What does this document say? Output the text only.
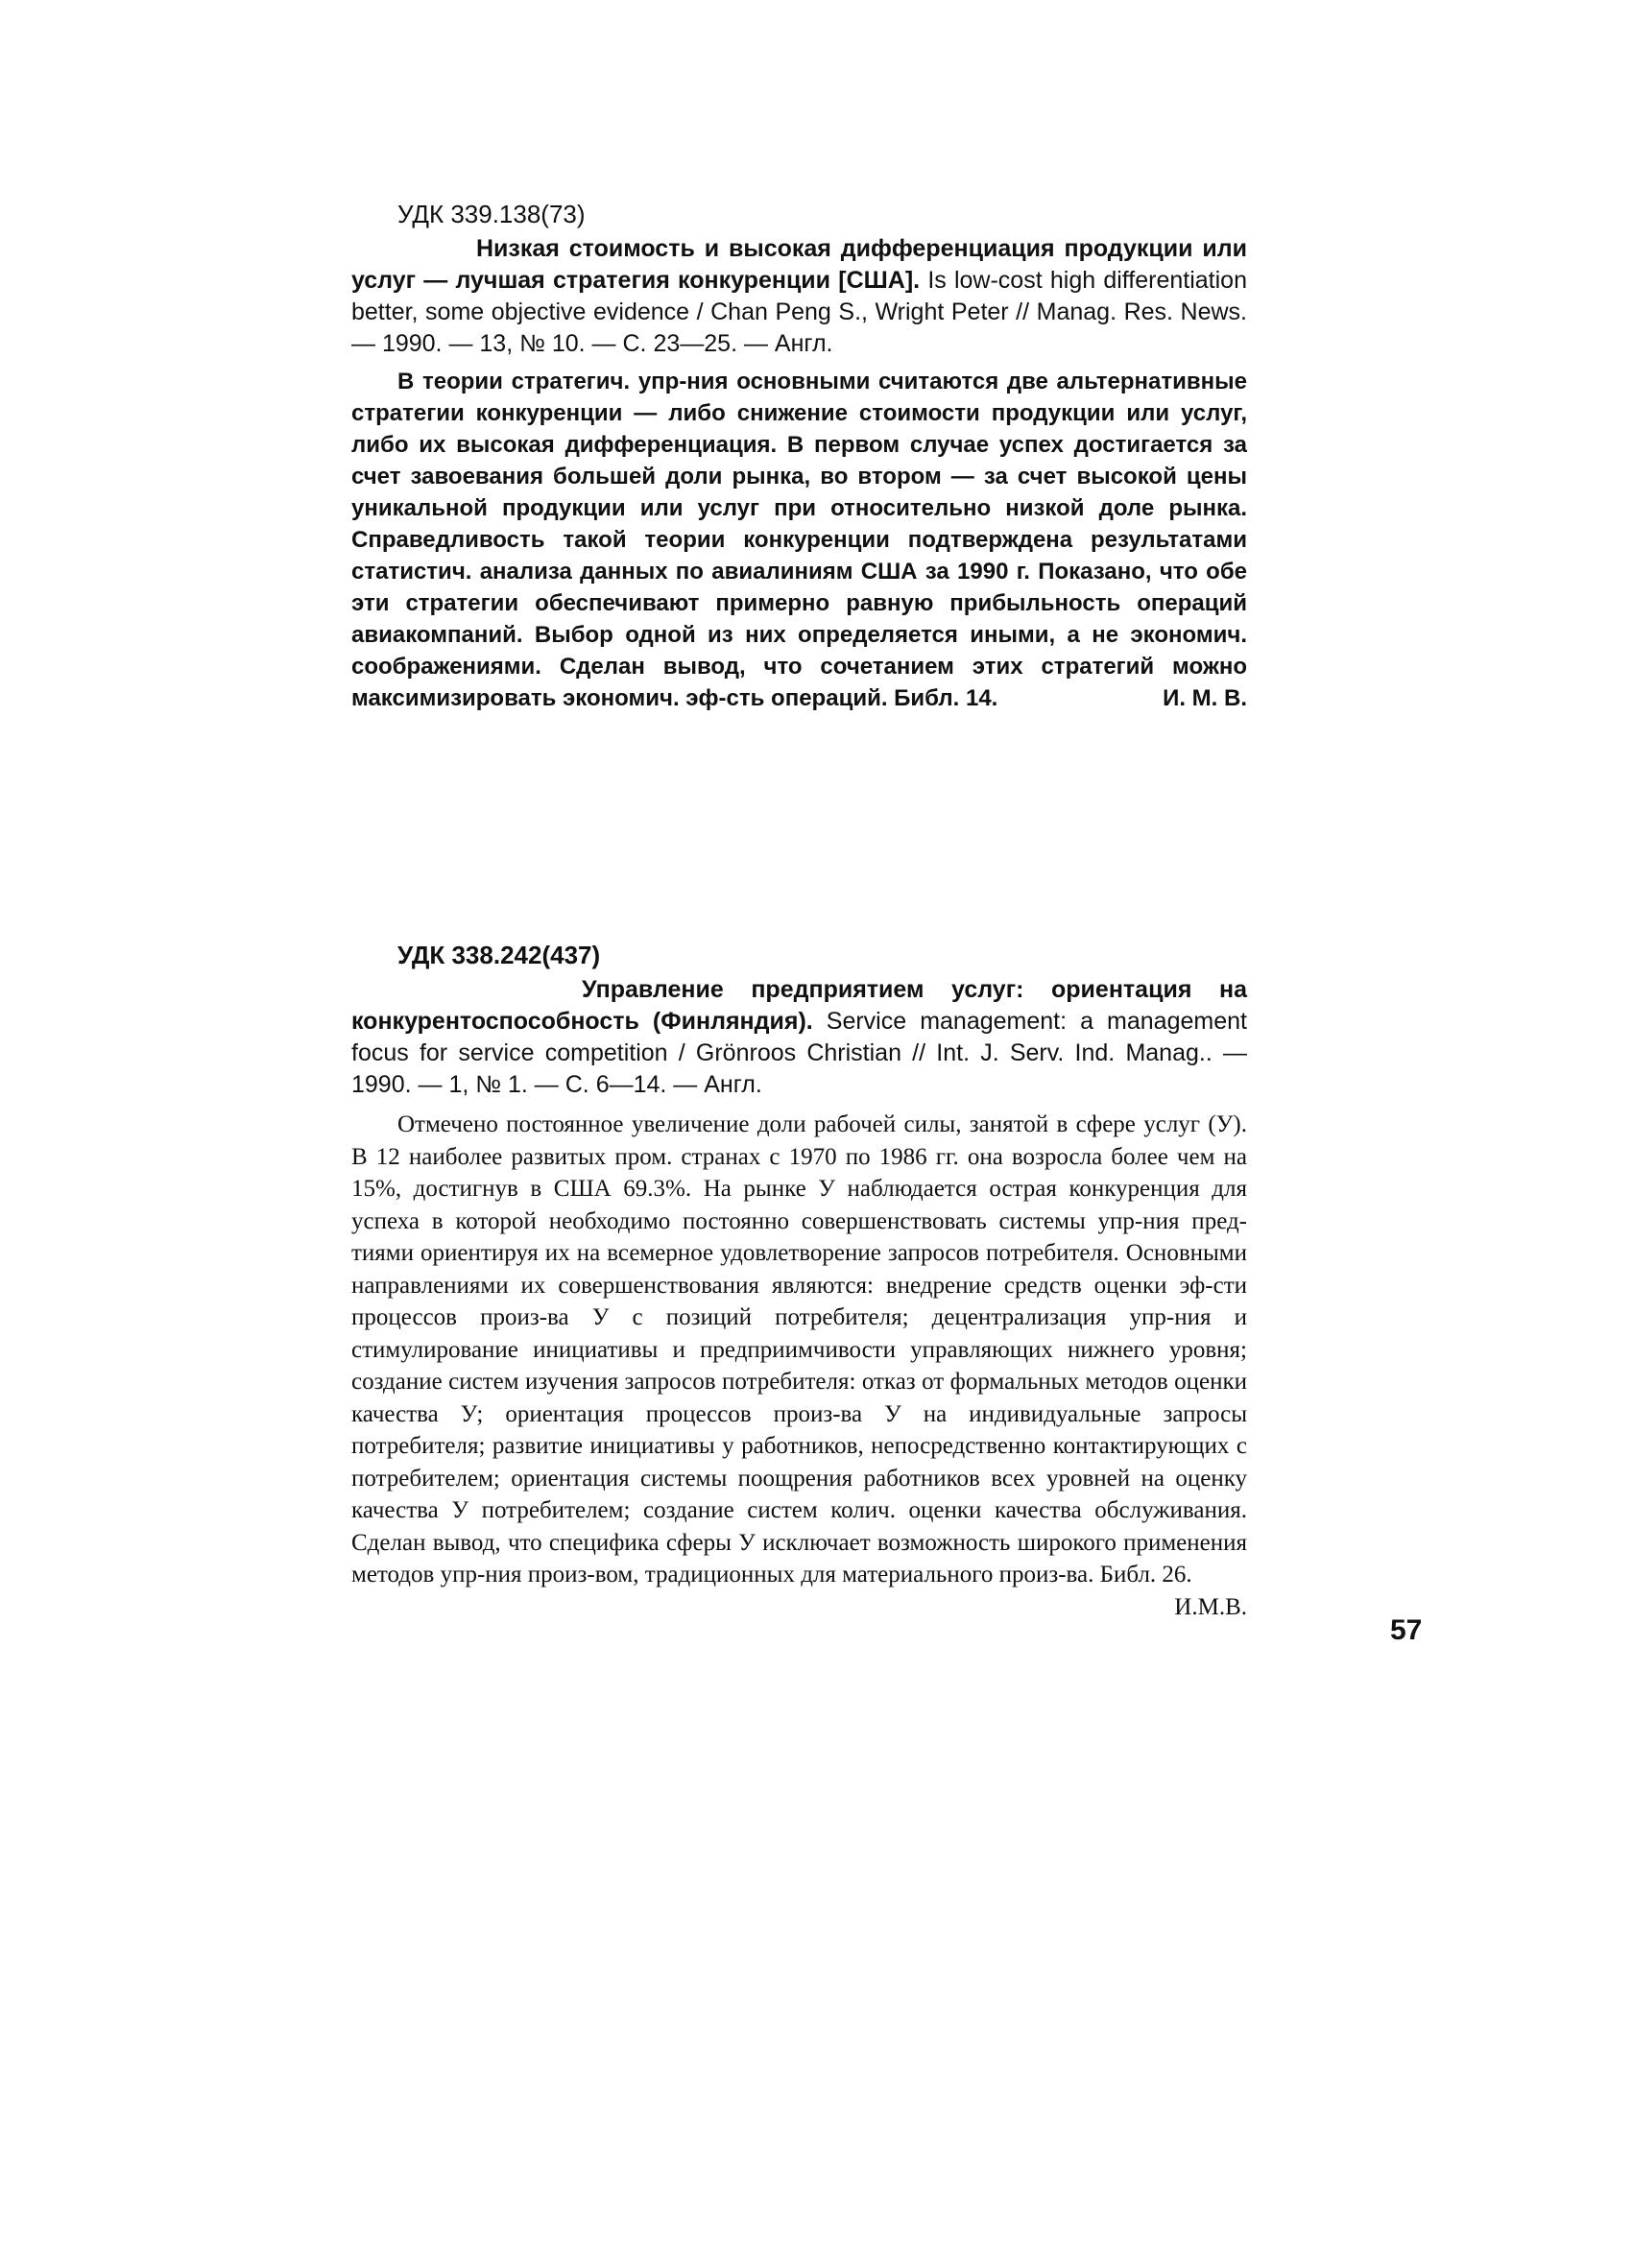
УДК 339.138(73)

Низкая стоимость и высокая дифференциация продукции или услуг — лучшая стратегия конкуренции [США]. Is low-cost high differentiation better, some objective evidence / Chan Peng S., Wright Peter // Manag. Res. News. — 1990. — 13, № 10. — С. 23—25. — Англ.

В теории стратегич. упр-ния основными считаются две альтернативные стратегии конкуренции — либо снижение стоимости продукции или услуг, либо их высокая дифференциация. В первом случае успех достигается за счет завоевания большей доли рынка, во втором — за счет высокой цены уникальной продукции или услуг при относительно низкой доле рынка. Справедливость такой теории конкуренции подтверждена результатами статистич. анализа данных по авиалиниям США за 1990 г. Показано, что обе эти стратегии обеспечивают примерно равную прибыльность операций авиакомпаний. Выбор одной из них определяется иными, а не экономич. соображениями. Сделан вывод, что сочетанием этих стратегий можно максимизировать экономич. эф-сть операций. Библ. 14.	И. М. В.

УДК 338.242(437)

Управление предприятием услуг: ориентация на конкурентоспособность (Финляндия). Service management: a management focus for service competition / Grönroos Christian // Int. J. Serv. Ind. Manag.. — 1990. — 1, № 1. — С. 6—14. — Англ.

Отмечено постоянное увеличение доли рабочей силы, занятой в сфере услуг (У). В 12 наиболее развитых пром. странах с 1970 по 1986 гг. она возросла более чем на 15%, достигнув в США 69.3%. На рынке У наблюдается острая конкуренция для успеха в которой необходимо постоянно совершенствовать системы упр-ния пред-тиями ориентируя их на всемерное удовлетворение запросов потребителя. Основными направлениями их совершенствования являются: внедрение средств оценки эф-сти процессов произ-ва У с позиций потребителя; децентрализация упр-ния и стимулирование инициативы и предприимчивости управляющих нижнего уровня; создание систем изучения запросов потребителя: отказ от формальных методов оценки качества У; ориентация процессов произ-ва У на индивидуальные запросы потребителя; развитие инициативы у работников, непосредственно контактирующих с потребителем; ориентация системы поощрения работников всех уровней на оценку качества У потребителем; создание систем колич. оценки качества обслуживания. Сделан вывод, что специфика сферы У исключает возможность широкого применения методов упр-ния произ-вом, традиционных для материального произ-ва. Библ. 26.
И.М.В.

57
